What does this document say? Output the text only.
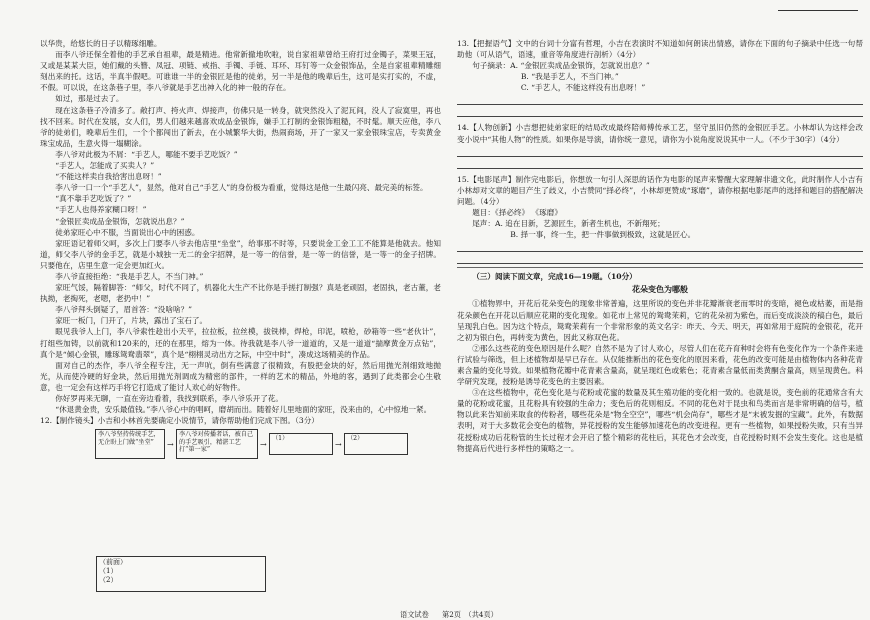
以华贵，给悠长的日子以精琢细雕。

而李八爷还保全着他的手艺承自祖辈，最是精进。他常新撤地吹啦，说自家祖辈曾给王府打过金镯子，菜果王冠，又或是某某大臣，她们戴的头簪、凤冠、项链、戒指、手镯、手链、耳环、耳钉等一众金银饰品，全是自家祖辈精雕细刻出来的托。这话，半真半假吧。可谁谁一半的金银匠是他的徒弟，另一半是他的晚辈后生，这可是实打实的，不虚，不假。可以说，在这条巷子里，李八爷就是手艺出神入化的神一般的存在。

如过，那是过去了。

现在这条巷子冷清多了。敞打声、挎火声、焊接声，仿佛只是一转身，就突然没入了泥瓦间，没人了寂寞里，再也找不回来。时代在发展，女人们，男人们越来越喜欢成品金银饰，嫌手工打制的金银饰粗糙，不时髦。顺天应他，李八爷的徒弟们，晚辈后生们，一个个都闯出了新去，在小城繁华大街，热闹商场，开了一家又一家金银珠宝店，专卖黄金珠宝成品，生意火得一塌糊涂。

李八爷对此极为不屑：“手艺人，哪能不要手艺吃饭？”

“手艺人，怎能成了买卖人？”

“不能这样卖自我拾害出息呀！”

李八爷一口一个“手艺人”，显然，他对自己“手艺人”的身份极为看重，觉得这是他一生最闪亮、最完美的标签。

“真不靠手艺吃饭了？”

“手艺人也得养家糊口呀！”

“金银匠卖成品金银饰，怎就说出息？”

徒弟家旺心中不服，当面说出心中的困惑。

家旺语记着师父呵，多次上门要李八爷去他店里“坐堂”，给事那不时等，只要说金工金工工不能算是他就去。他知道，师父李八爷的金手艺，就是小城独一无二的金字招牌，是一等一的信誉，是一等一的信誉，是一等一的金子招牌。只要他在，店里生意一定会更加红火。

李八爷直接拒绝：“我是手艺人，不当门神。”

家旺气馁，隔着脚答：“师父，时代不同了，机器化大生产不比你是手搓打制强？真是老顽固，老固执，老古董，老执拗，老掏死，老嗯，老扔中！”

李八爷拜头倒疑了，眉首答：“没啥啥？”

家旺一板门，门开了，片块，露出了宝石了。

眼见我爷人上门，李八爷索性趁出小天平，拉拉板，拉丝模，拔铣棒，焊枪，印泥，喷枪，砂箱等一些“老伙计”，打组些加铸，以前就和120来的，还的在那里，熔为一体。待我就是李八爷一道道的，又是一道道“揣摩黄金万点钻”，真个是“倾心金银，雕琢鸳鸯翡翠”，真个是“栩栩灵动出方之际，中空中时”，凑成这场精美的作品。

面对自己的杰作，李八爷全程专注，无一声吭，倒有些满意了很精致，有股把金块的好，然后用抛光剂细致地抛光，从而使冷硬的好金块，然后用抛光剂调成为精密的部件，一样的艺术的精品，外地的客，遇到了此类都会心生敬意，也一定会有这样巧手将它打造成了能讨人欢心的好物件。

你好罗再来无聊，一直在旁边看着，我找到联系，李八爷乐开了花。

“休退黄金贵，安乐最值钱。”李八爷心中的唱呵，磨胡而出。随着好儿里地面的家旺，没来由的，心中惊地一紧。

12.【制作镜头】小吉和小林首先要确定小说情节，请你帮助他们完成下图。（3分）

李八爷坚持传统手艺，无企盼上门做“坐堂”	→
李八爷对传播者话，被自己的手艺吸引，精湛工艺打“第一家”
→
（1）
→
（2）
（前面）
（1）
（2）

13.【把握语气】文中的台词十分富有哲理，小吉在表演时不知道如何朗读出情感，请你在下面的句子摘录中任选一句帮助他（可从语气，语速，重音等角度进行剖析）（4分）

句子摘录：A. “金银匠卖成品金银饰，怎就说出息？”

B. “我是手艺人，不当门神。”

C. “手艺人，不能这样没有出息呀！”

14.【人物创新】小吉想把徒弟家旺的结局改成最终陪师傅传承工艺，坚守虽旧仍然的金银匠手艺。小林却认为这样会改变小说中“其他人物”的性质。如果你是导演，请你统一意见，请你为小说角度说说其中一人。（不少于30字）（4分）

15.【电影尾声】制作完电影后，你想放一句引人深思的话作为电影的尾声来警醒大家理解非遗文化，此时制作人小吉有小林却对文章的题目产生了歧义，小吉赞同“择必终”，小林却更赞成“琢磨”，请你根据电影尾声的选择和题目的搭配解决问题。（4分）

题目：《择必终》 《琢磨》

尾声：A. 追在目新，艺源匠生，新者生机也，不新翔死；

B. 择一事，终一生，把一件事做到极致，这就是匠心。

（三）阅读下面文章，完成16—19题。（10分）

花朵变色为哪般

①植物界中，开花后花朵变色的现象非常普遍，这里所说的变色并非花瓣渐衰老而零时的变暗，褪色或枯萎，而是指花朵颜色在开花以后顺应花期的变化现象。如花市上常见的鸳鸯茉莉，它的花朵初为紫色，而后变成淡淡的稿白色，最后呈现乳白色。因为这个特点，鸳鸯茉莉有一个非常形象的英文名字：昨天、今天、明天，再如常用于庭院的金银花，花开之初为银白色，再转变为黄色，因此又称双色花。

②那么这些花的变色原因是什么呢？自然不是为了讨人欢心，尽管人们在花卉育种时会将有色变化作为一个条件来进行试验与筛选，但上述植物却是早已存在。从仅能推断出的花色变化的原因来看，花色的改变可能是由植物体内各种花青素含量的变化导致。如果植物花瓣中花青素含量高，就呈现红色或紫色；花青素含量低而类黄酮含量高，则呈现黄色。科学研究发现，授粉是诱导花变色的主要因素。

③在这些植物中，花色变化是与花粉或花蜜的数量及其生殖功能的变化相一致的。也就是说，变色前的花通常含有大量的花粉或花蜜，且花粉具有较强的生命力；变色后的花则相反。不同的花色对于昆虫和鸟类而言是非常明确的信号，植物以此来告知前来取食的传粉者，哪些花朵是“物全空空”，哪些“机会尚存”，哪些才是“末被发掘的宝藏”。此外，有数据表明，对于大多数花会变色的植物，异花授粉的发生能够加速花色的改变进程。更有一些植物，如果授粉失败，只有当异花授粉成功后花粉管的生长过程才会开启了整个精彩的花柱后，其花色才会改变，自花授粉时则不会发生变化。这也是植物提高后代进行多样性的策略之一。

语文试卷 第2页　（共4页）
